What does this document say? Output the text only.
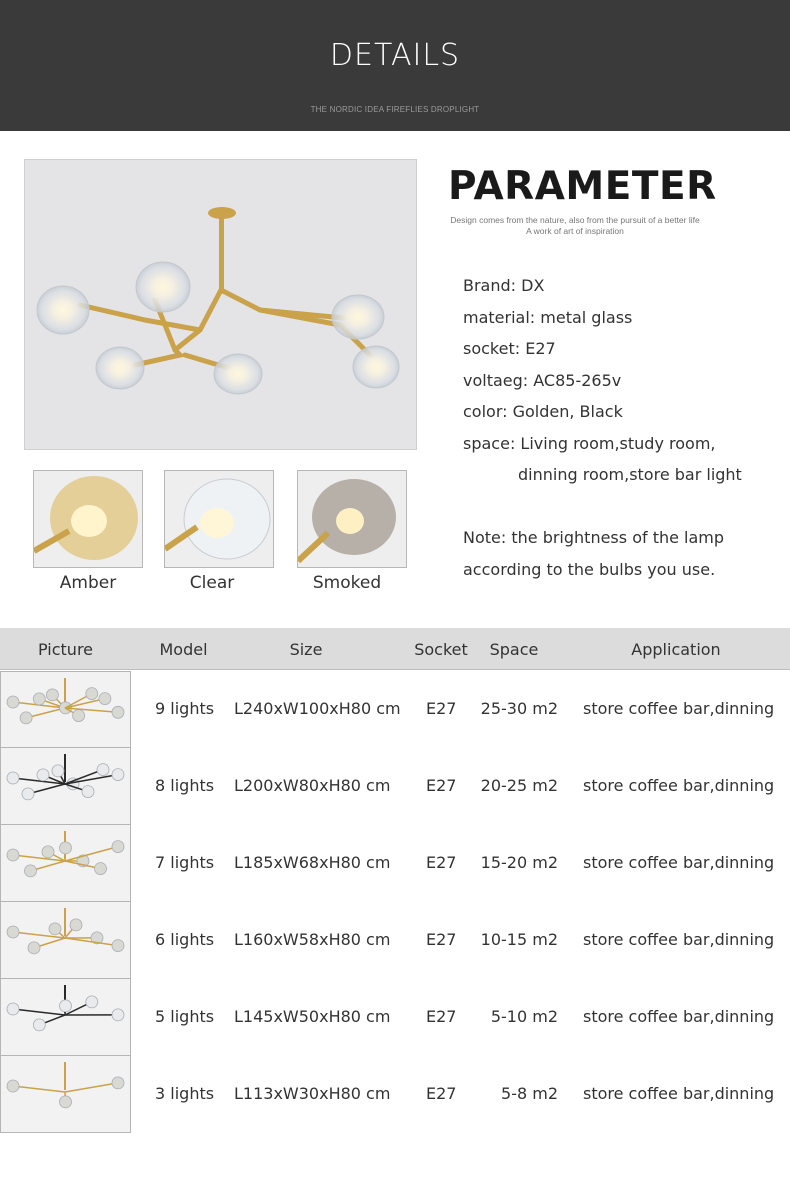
DETAILS
THE NORDIC IDEA FIREFLIES DROPLIGHT
Amber	Clear	Smoked
PARAMETER
Design comes from the nature, also from the pursuit of a better life
A work of art of inspiration
Brand: DX
material: metal glass
socket: E27
voltaeg: AC85-265v
color: Golden, Black
space: Living room,study room,
dinning room,store bar light
Note: the brightness of the lamp
according to the bulbs you use.
Picture	Model	Size	Socket	Space	Application
9 lights L240xW100xH80 cm E27 25-30 m2 store coffee bar,dinning
8 lights L200xW80xH80 cm E27 20-25 m2 store coffee bar,dinning
7 lights L185xW68xH80 cm E27 15-20 m2 store coffee bar,dinning
6 lights L160xW58xH80 cm E27 10-15 m2 store coffee bar,dinning
5 lights L145xW50xH80 cm E27 5-10 m2 store coffee bar,dinning
3 lights L113xW30xH80 cm E27	5-8 m2 store coffee bar,dinning
